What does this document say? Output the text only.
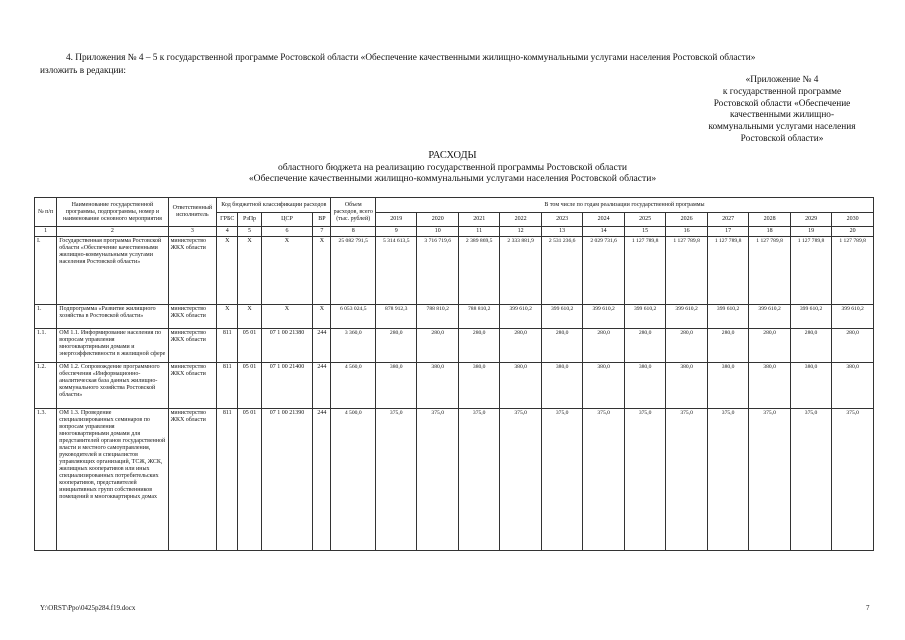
4. Приложения № 4 – 5 к государственной программе Ростовской области «Обеспечение качественными жилищно-коммунальными услугами населения Ростовской области»
изложить в редакции:
«Приложение № 4
к государственной программе
Ростовской области «Обеспечение
качественными жилищно-
коммунальными услугами населения
Ростовской области»
РАСХОДЫ
областного бюджета на реализацию государственной программы Ростовской области
«Обеспечение качественными жилищно-коммунальными услугами населения Ростовской области»
№ п/п	Наименование государственной программы, подпрограммы, номер и наименование основного мероприятия	Ответственный исполнитель	Код бюджетной классификации расходов				Объем расходов, всего (тыс. рублей)	В том числе по годам реализации государственной программы											
			ГРБС	РзПр	ЦСР	ВР		2019	2020	2021	2022	2023	2024	2025	2026	2027	2028	2029	2030
1	2	3	4	5	6	7	8	9	10	11	12	13	14	15	16	17	18	19	20
I.	Государственная программа Ростовской области «Обеспечение качественными жилищно-коммунальными услугами населения Ростовской области»	министерство ЖКХ области	Х	Х	Х	Х	25 082 791,5	5 314 613,5	3 716 719,6	2 389 869,5	2 333 881,9	2 531 236,6	2 029 731,6	1 127 789,8	1 127 789,8	1 127 789,8	1 127 789,8	1 127 789,8	1 127 789,8
1.	Подпрограмма «Развитие жилищного хозяйства в Ростовской области»	министерство ЖКХ области	Х	Х	Х	Х	6 053 024,5	878 912,3	788 810,2	788 810,2	399 610,2	399 610,2	399 610,2	399 610,2	399 610,2	399 610,2	399 610,2	399 610,2	399 610,2
1.1.	ОМ 1.1. Информирование населения по вопросам управления многоквартирными домами и энергоэффективности в жилищной сфере	министерство ЖКХ области	811	05 01	07 1 00 21380	244	3 360,0	280,0	280,0	280,0	280,0	280,0	280,0	280,0	280,0	280,0	280,0	280,0	280,0
1.2.	ОМ 1.2. Сопровождение программного обеспечения «Информационно-аналитическая база данных жилищно-коммунального хозяйства Ростовской области»	министерство ЖКХ области	811	05 01	07 1 00 21400	244	4 560,0	380,0	380,0	380,0	380,0	380,0	380,0	380,0	380,0	380,0	380,0	380,0	380,0
1.3.	ОМ 1.3. Проведение специализированных семинаров по вопросам управления многоквартирными домами для представителей органов государственной власти и местного самоуправления, руководителей и специалистов управляющих организаций, ТСЖ, ЖСК, жилищных кооперативов или иных специализированных потребительских кооперативов, представителей инициативных групп собственников помещений в многоквартирных домах	министерство ЖКХ области	811	05 01	07 1 00 21390	244	4 500,0	375,0	375,0	375,0	375,0	375,0	375,0	375,0	375,0	375,0	375,0	375,0	375,0
Y:\ORST\Ppo\0425p284.f19.docx	7
